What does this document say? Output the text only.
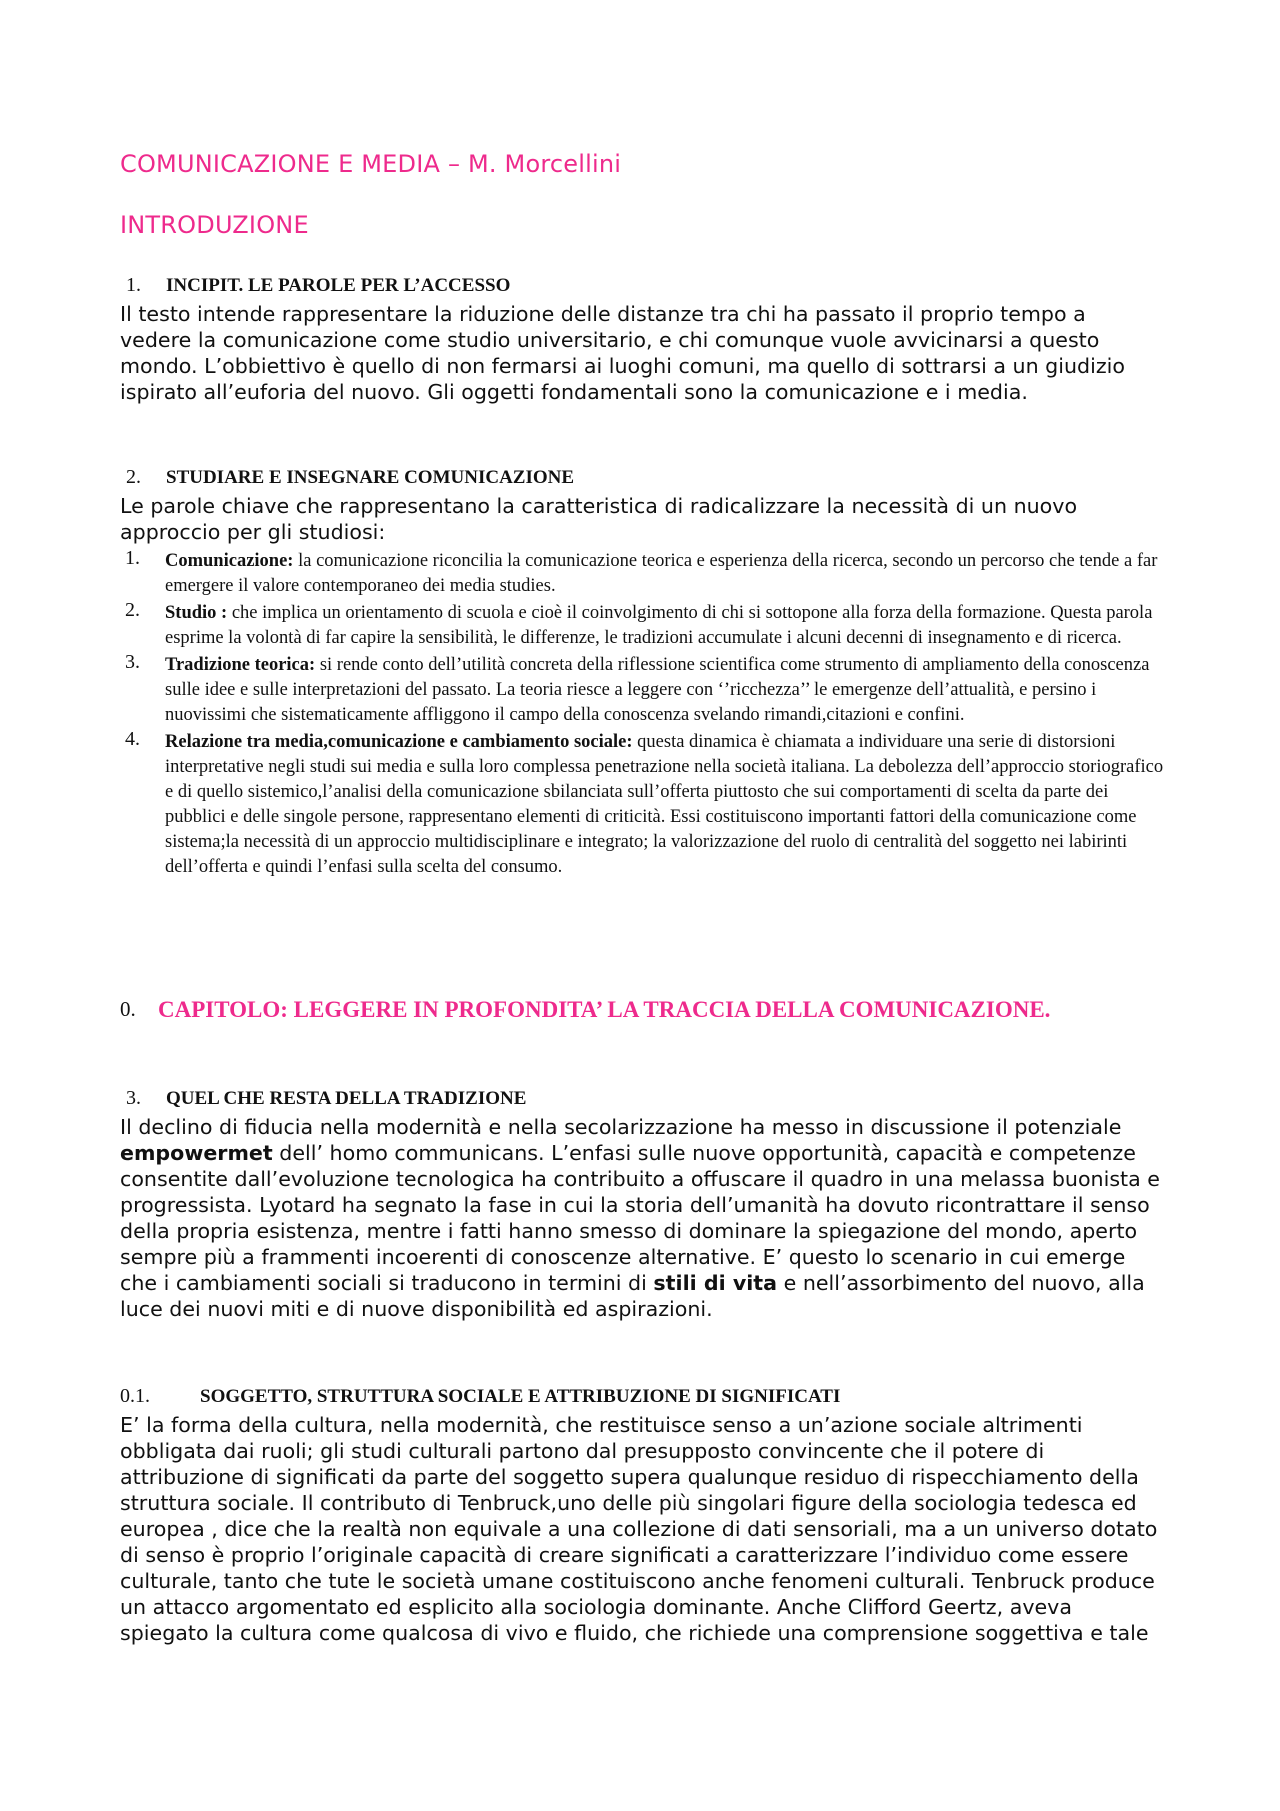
COMUNICAZIONE E MEDIA – M. Morcellini
INTRODUZIONE
1. INCIPIT. LE PAROLE PER L’ACCESSO

Il testo intende rappresentare la riduzione delle distanze tra chi ha passato il proprio tempo a vedere la comunicazione come studio universitario, e chi comunque vuole avvicinarsi a questo mondo. L’obbiettivo è quello di non fermarsi ai luoghi comuni, ma quello di sottrarsi a un giudizio ispirato all’euforia del nuovo. Gli oggetti fondamentali sono la comunicazione e i media.

2. STUDIARE E INSEGNARE COMUNICAZIONE

Le parole chiave che rappresentano la caratteristica di radicalizzare la necessità di un nuovo approccio per gli studiosi:

1. Comunicazione: la comunicazione riconcilia la comunicazione teorica e esperienza della ricerca, secondo un percorso che tende a far emergere il valore contemporaneo dei media studies.
2. Studio : che implica un orientamento di scuola e cioè il coinvolgimento di chi si sottopone alla forza della formazione. Questa parola esprime la volontà di far capire la sensibilità, le differenze, le tradizioni accumulate i alcuni decenni di insegnamento e di ricerca.
3. Tradizione teorica: si rende conto dell’utilità concreta della riflessione scientifica come strumento di ampliamento della conoscenza sulle idee e sulle interpretazioni del passato. La teoria riesce a leggere con ‘’ricchezza’’ le emergenze dell’attualità, e persino i nuovissimi che sistematicamente affliggono il campo della conoscenza svelando rimandi,citazioni e confini.
4. Relazione tra media,comunicazione e cambiamento sociale: questa dinamica è chiamata a individuare una serie di distorsioni interpretative negli studi sui media e sulla loro complessa penetrazione nella società italiana. La debolezza dell’approccio storiografico e di quello sistemico,l’analisi della comunicazione sbilanciata sull’offerta piuttosto che sui comportamenti di scelta da parte dei pubblici e delle singole persone, rappresentano elementi di criticità. Essi costituiscono importanti fattori della comunicazione come sistema;la necessità di un approccio multidisciplinare e integrato; la valorizzazione del ruolo di centralità del soggetto nei labirinti dell’offerta e quindi l’enfasi sulla scelta del consumo.
0. CAPITOLO: LEGGERE IN PROFONDITA’ LA TRACCIA DELLA COMUNICAZIONE.
3. QUEL CHE RESTA DELLA TRADIZIONE

Il declino di fiducia nella modernità e nella secolarizzazione ha messo in discussione il potenziale empowermet dell’ homo communicans. L’enfasi sulle nuove opportunità, capacità e competenze consentite dall’evoluzione tecnologica ha contribuito a offuscare il quadro in una melassa buonista e progressista. Lyotard ha segnato la fase in cui la storia dell’umanità ha dovuto ricontrattare il senso della propria esistenza, mentre i fatti hanno smesso di dominare la spiegazione del mondo, aperto sempre più a frammenti incoerenti di conoscenze alternative. E’ questo lo scenario in cui emerge che i cambiamenti sociali si traducono in termini di stili di vita e nell’assorbimento del nuovo, alla luce dei nuovi miti e di nuove disponibilità ed aspirazioni.

0.1.	SOGGETTO, STRUTTURA SOCIALE E ATTRIBUZIONE DI SIGNIFICATI

E’ la forma della cultura, nella modernità, che restituisce senso a un’azione sociale altrimenti obbligata dai ruoli; gli studi culturali partono dal presupposto convincente che il potere di attribuzione di significati da parte del soggetto supera qualunque residuo di rispecchiamento della struttura sociale. Il contributo di Tenbruck,uno delle più singolari figure della sociologia tedesca ed europea , dice che la realtà non equivale a una collezione di dati sensoriali, ma a un universo dotato di senso è proprio l’originale capacità di creare significati a caratterizzare l’individuo come essere culturale, tanto che tute le società umane costituiscono anche fenomeni culturali. Tenbruck produce un attacco argomentato ed esplicito alla sociologia dominante. Anche Clifford Geertz, aveva spiegato la cultura come qualcosa di vivo e fluido, che richiede una comprensione soggettiva e tale
